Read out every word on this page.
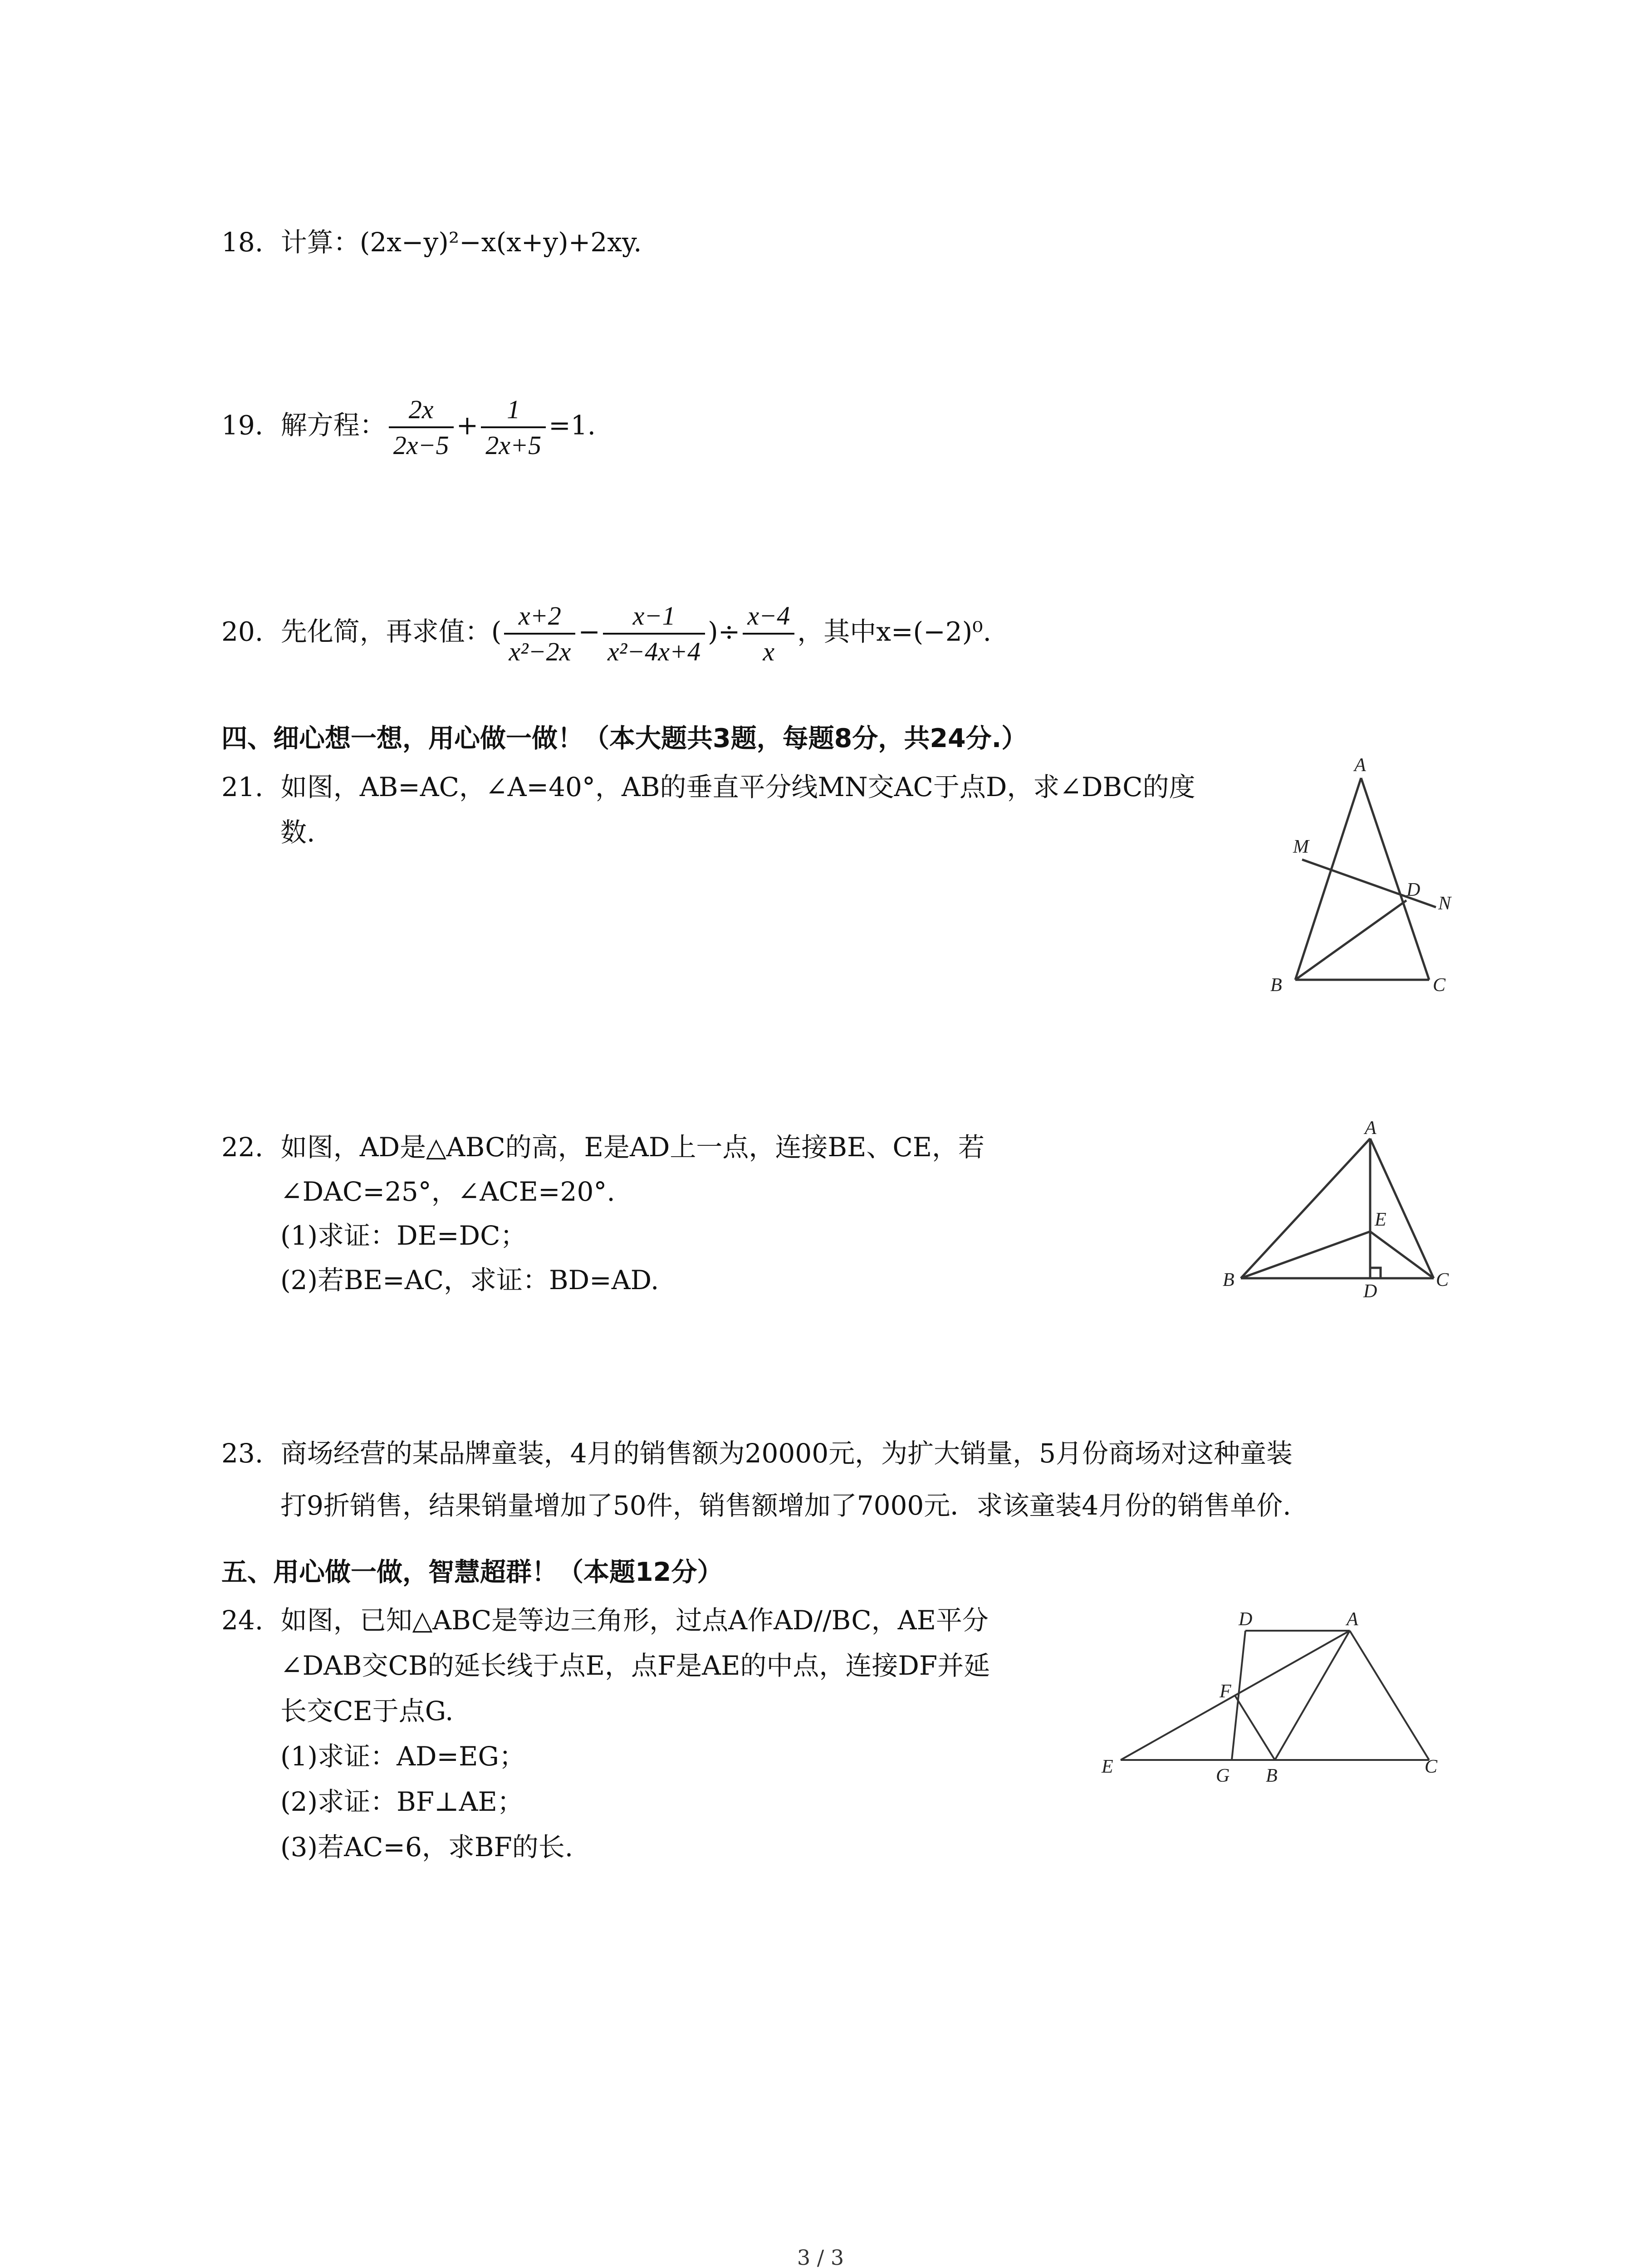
18. 计算：(2x−y)²−x(x+y)+2xy.
19. 解方程： $\frac{2x}{2x-5} + \frac{1}{2x+5} =1$.
20. 先化简，再求值：( $\frac{x+2}{\text{x²−2x}} - \frac{x-1}{\text{x²−4x+4}}$ )÷ $\frac{x-4}{x}$ ，其中x=(−2)⁰.
四、细心想一想，用心做一做！（本大题共3题，每题8分，共24分.）
21. 如图，AB=AC，∠A=40°，AB的垂直平分线MN交AC于点D，求∠DBC的度
数.
A
B	C
D
M
N
22. 如图，AD是△ABC的高，E是AD上一点，连接BE、CE，若
∠DAC=25°，∠ACE=20°.
(1)求证：DE=DC；
(2)若BE=AC，求证：BD=AD.
A
B	C
D
E
23. 商场经营的某品牌童装，4月的销售额为20000元，为扩大销量，5月份商场对这种童装
打9折销售，结果销量增加了50件，销售额增加了7000元．求该童装4月份的销售单价.
五、用心做一做，智慧超群！（本题12分）
24. 如图，已知△ABC是等边三角形，过点A作AD//BC，AE平分
∠DAB交CB的延长线于点E，点F是AE的中点，连接DF并延
长交CE于点G.
(1)求证：AD=EG；
(2)求证：BF⊥AE；
(3)若AC=6，求BF的长.
D	A
F
E	G B	C
3 / 3
